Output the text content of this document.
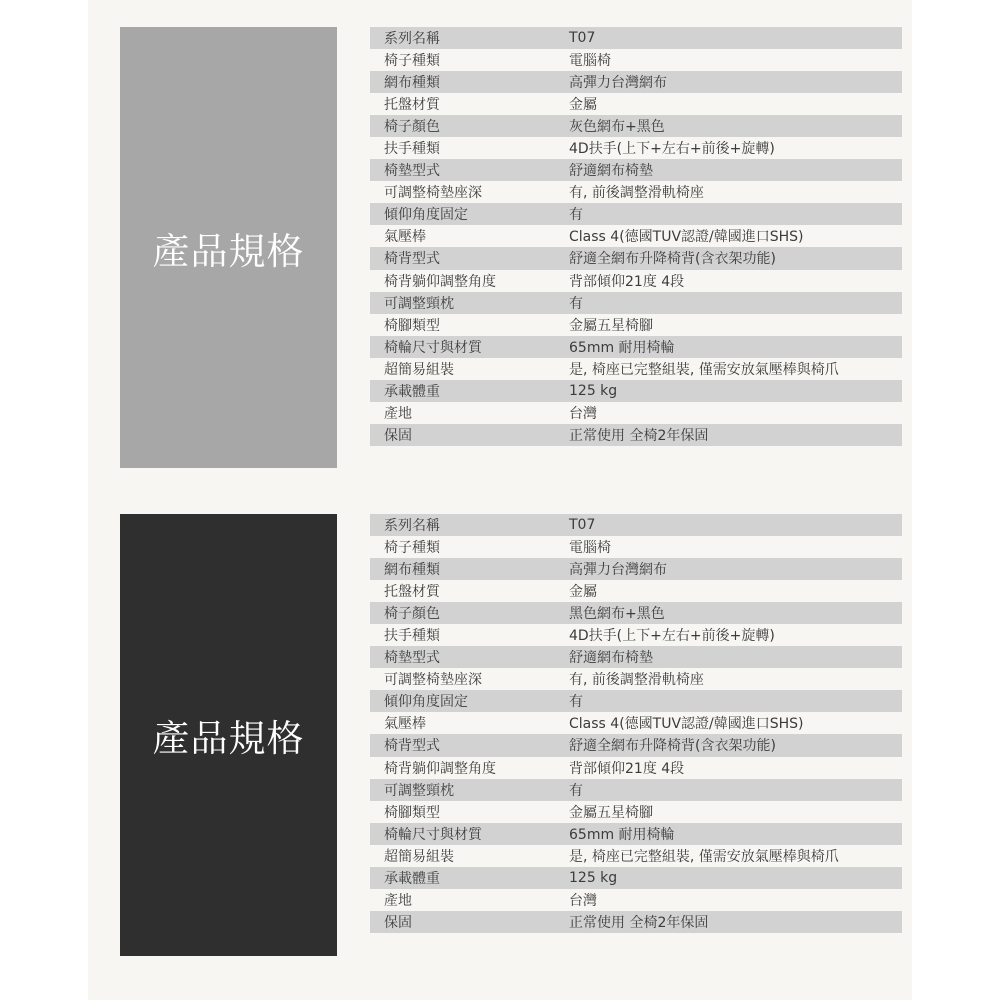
產品規格
系列名稱	T07
椅子種類	電腦椅
網布種類	高彈力台灣網布
托盤材質	金屬
椅子顏色	灰色網布+黑色
扶手種類	4D扶手(上下+左右+前後+旋轉)
椅墊型式	舒適網布椅墊
可調整椅墊座深	有, 前後調整滑軌椅座
傾仰角度固定	有
氣壓棒	Class 4(德國TUV認證/韓國進口SHS)
椅背型式	舒適全網布升降椅背(含衣架功能)
椅背躺仰調整角度	背部傾仰21度 4段
可調整頸枕	有
椅腳類型	金屬五星椅腳
椅輪尺寸與材質	65mm 耐用椅輪
超簡易組裝	是, 椅座已完整組裝, 僅需安放氣壓棒與椅爪
承載體重	125 kg
產地	台灣
保固	正常使用 全椅2年保固
產品規格
系列名稱	T07
椅子種類	電腦椅
網布種類	高彈力台灣網布
托盤材質	金屬
椅子顏色	黑色網布+黑色
扶手種類	4D扶手(上下+左右+前後+旋轉)
椅墊型式	舒適網布椅墊
可調整椅墊座深	有, 前後調整滑軌椅座
傾仰角度固定	有
氣壓棒	Class 4(德國TUV認證/韓國進口SHS)
椅背型式	舒適全網布升降椅背(含衣架功能)
椅背躺仰調整角度	背部傾仰21度 4段
可調整頸枕	有
椅腳類型	金屬五星椅腳
椅輪尺寸與材質	65mm 耐用椅輪
超簡易組裝	是, 椅座已完整組裝, 僅需安放氣壓棒與椅爪
承載體重	125 kg
產地	台灣
保固	正常使用 全椅2年保固
